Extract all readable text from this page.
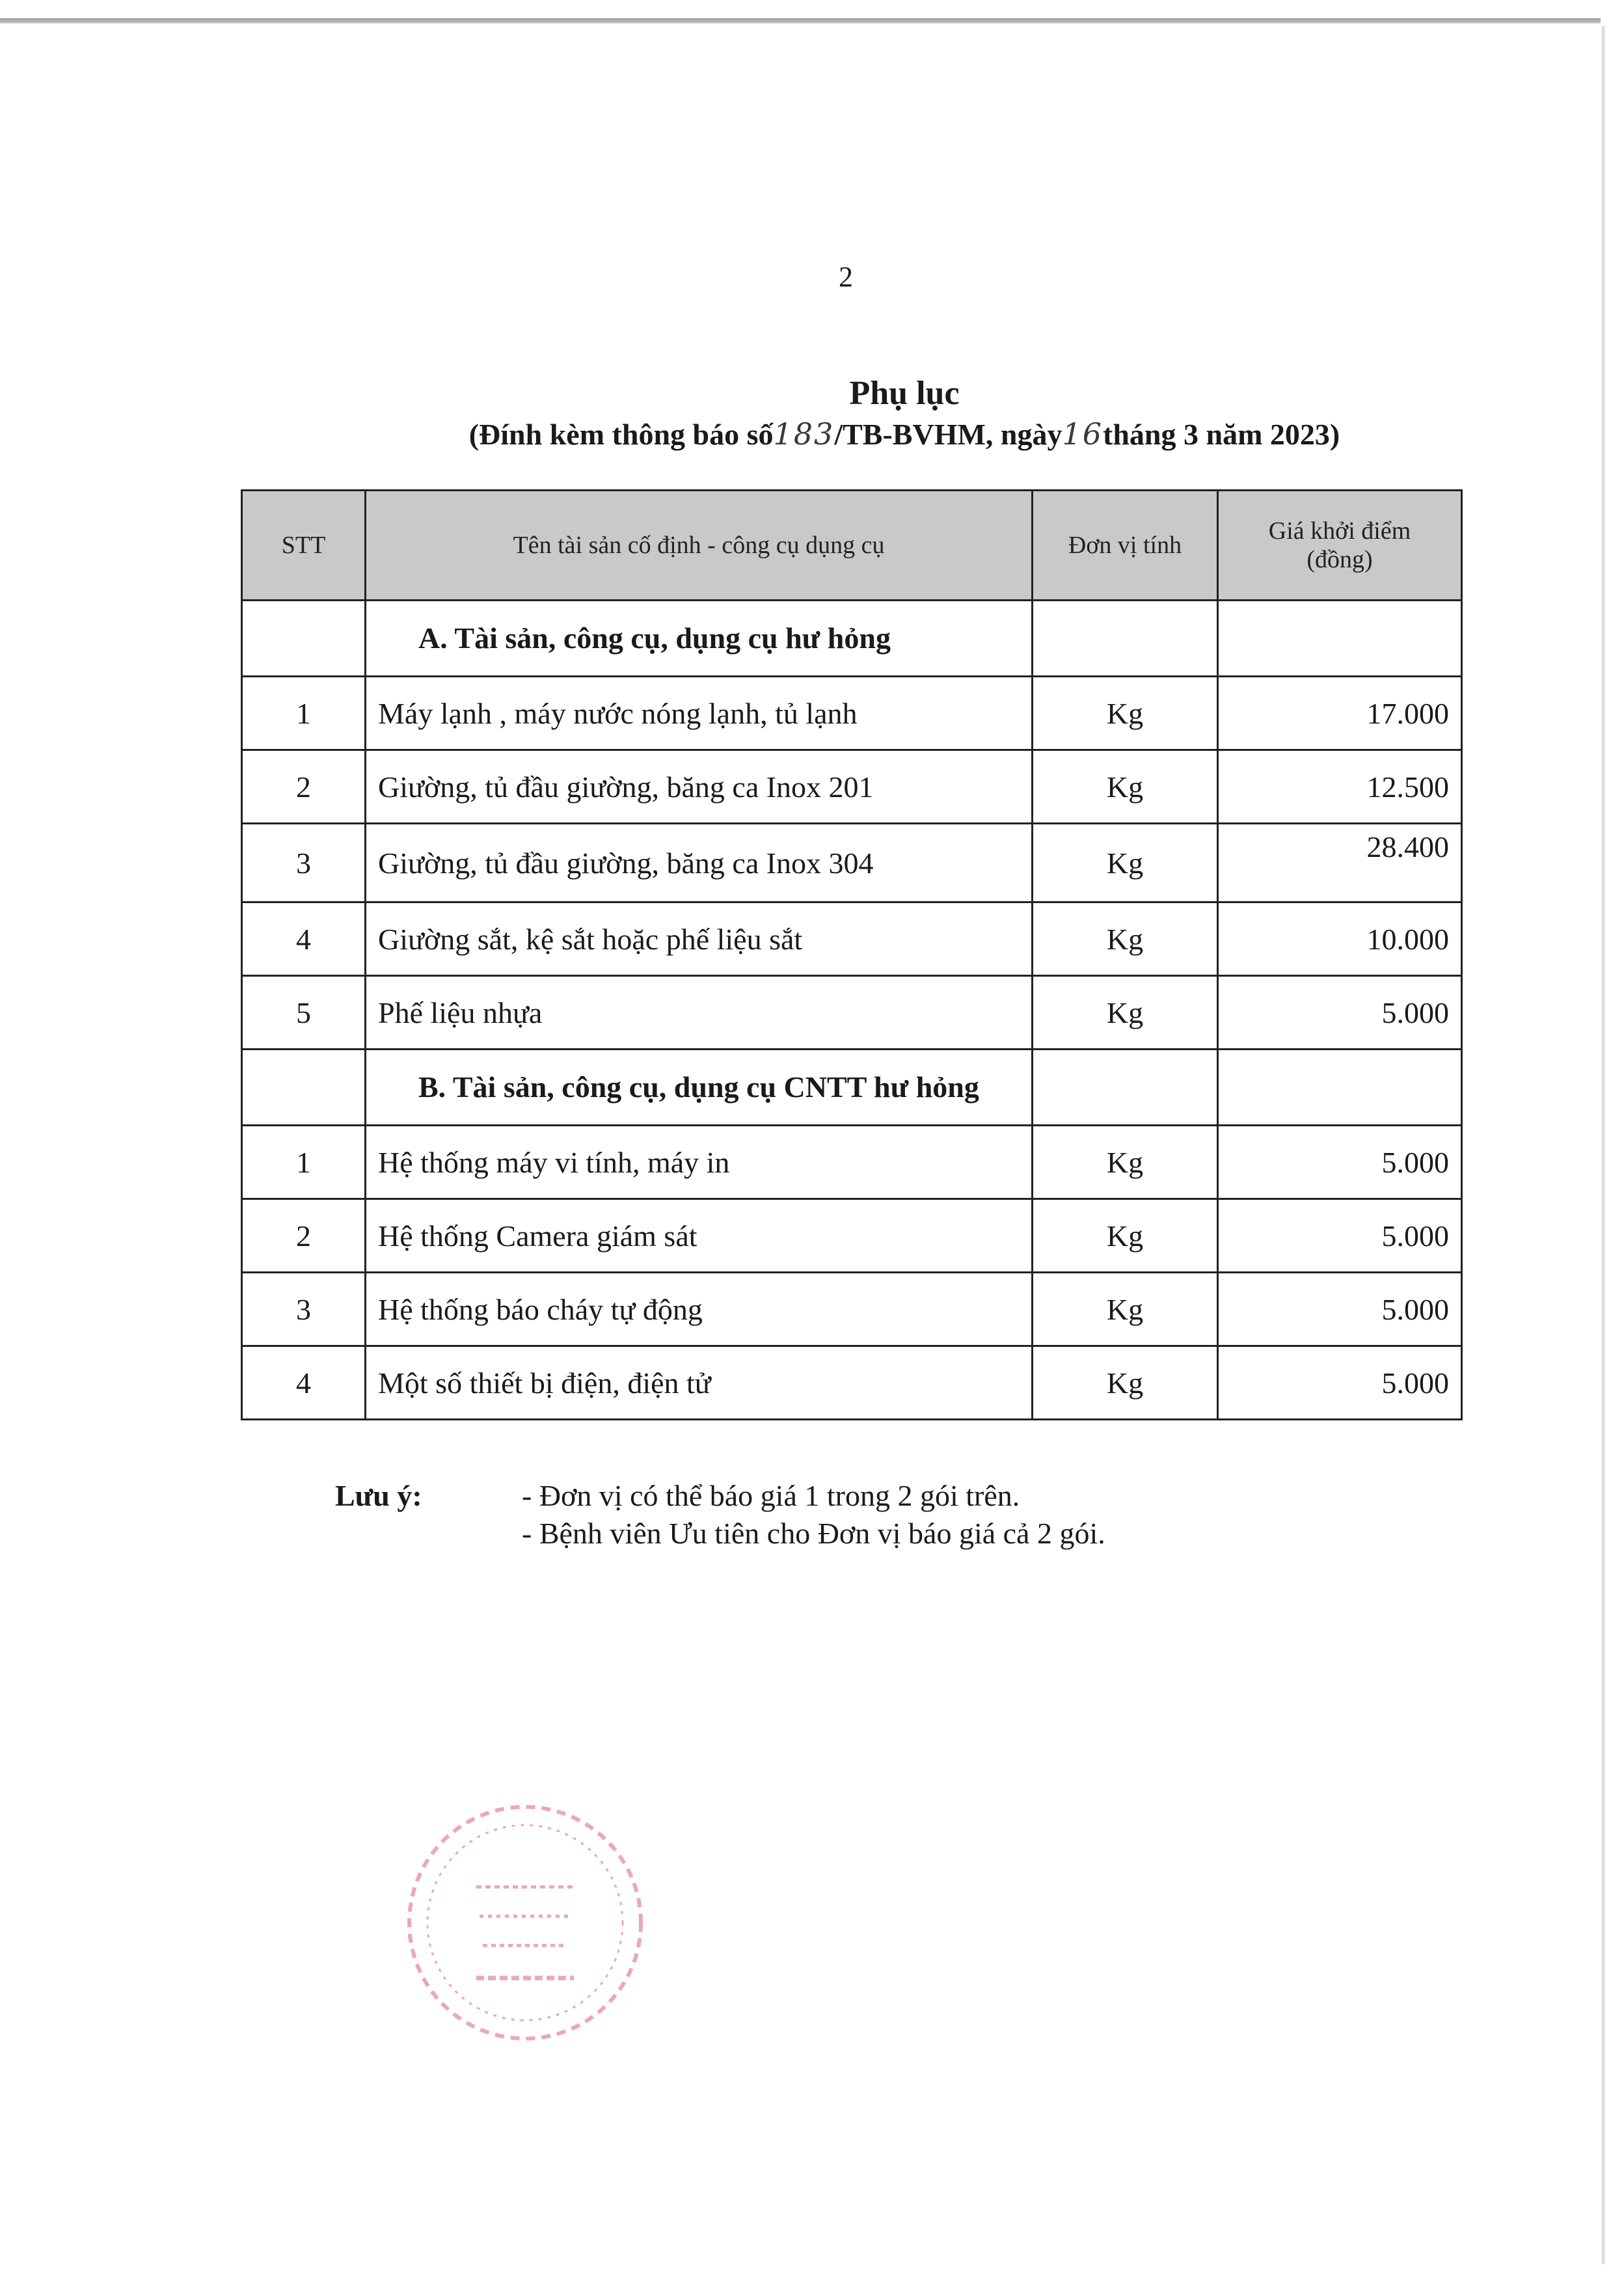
2
Phụ lục
(Đính kèm thông báo số183/TB-BVHM, ngày16tháng 3 năm 2023)
STT	Tên tài sản cố định - công cụ dụng cụ	Đơn vị tính	Giá khởi điểm (đồng)
	A. Tài sản, công cụ, dụng cụ hư hỏng		
1	Máy lạnh , máy nước nóng lạnh, tủ lạnh	Kg	17.000
2	Giường, tủ đầu giường, băng ca Inox 201	Kg	12.500
3	Giường, tủ đầu giường, băng ca Inox 304	Kg	28.400
4	Giường sắt, kệ sắt hoặc phế liệu sắt	Kg	10.000
5	Phế liệu nhựa	Kg	5.000
	B. Tài sản, công cụ, dụng cụ CNTT hư hỏng		
1	Hệ thống máy vi tính, máy in	Kg	5.000
2	Hệ thống Camera giám sát	Kg	5.000
3	Hệ thống báo cháy tự động	Kg	5.000
4	Một số thiết bị điện, điện tử	Kg	5.000
Lưu ý:	- Đơn vị có thể báo giá 1 trong 2 gói trên.
- Bệnh viên Ưu tiên cho Đơn vị báo giá cả 2 gói.
